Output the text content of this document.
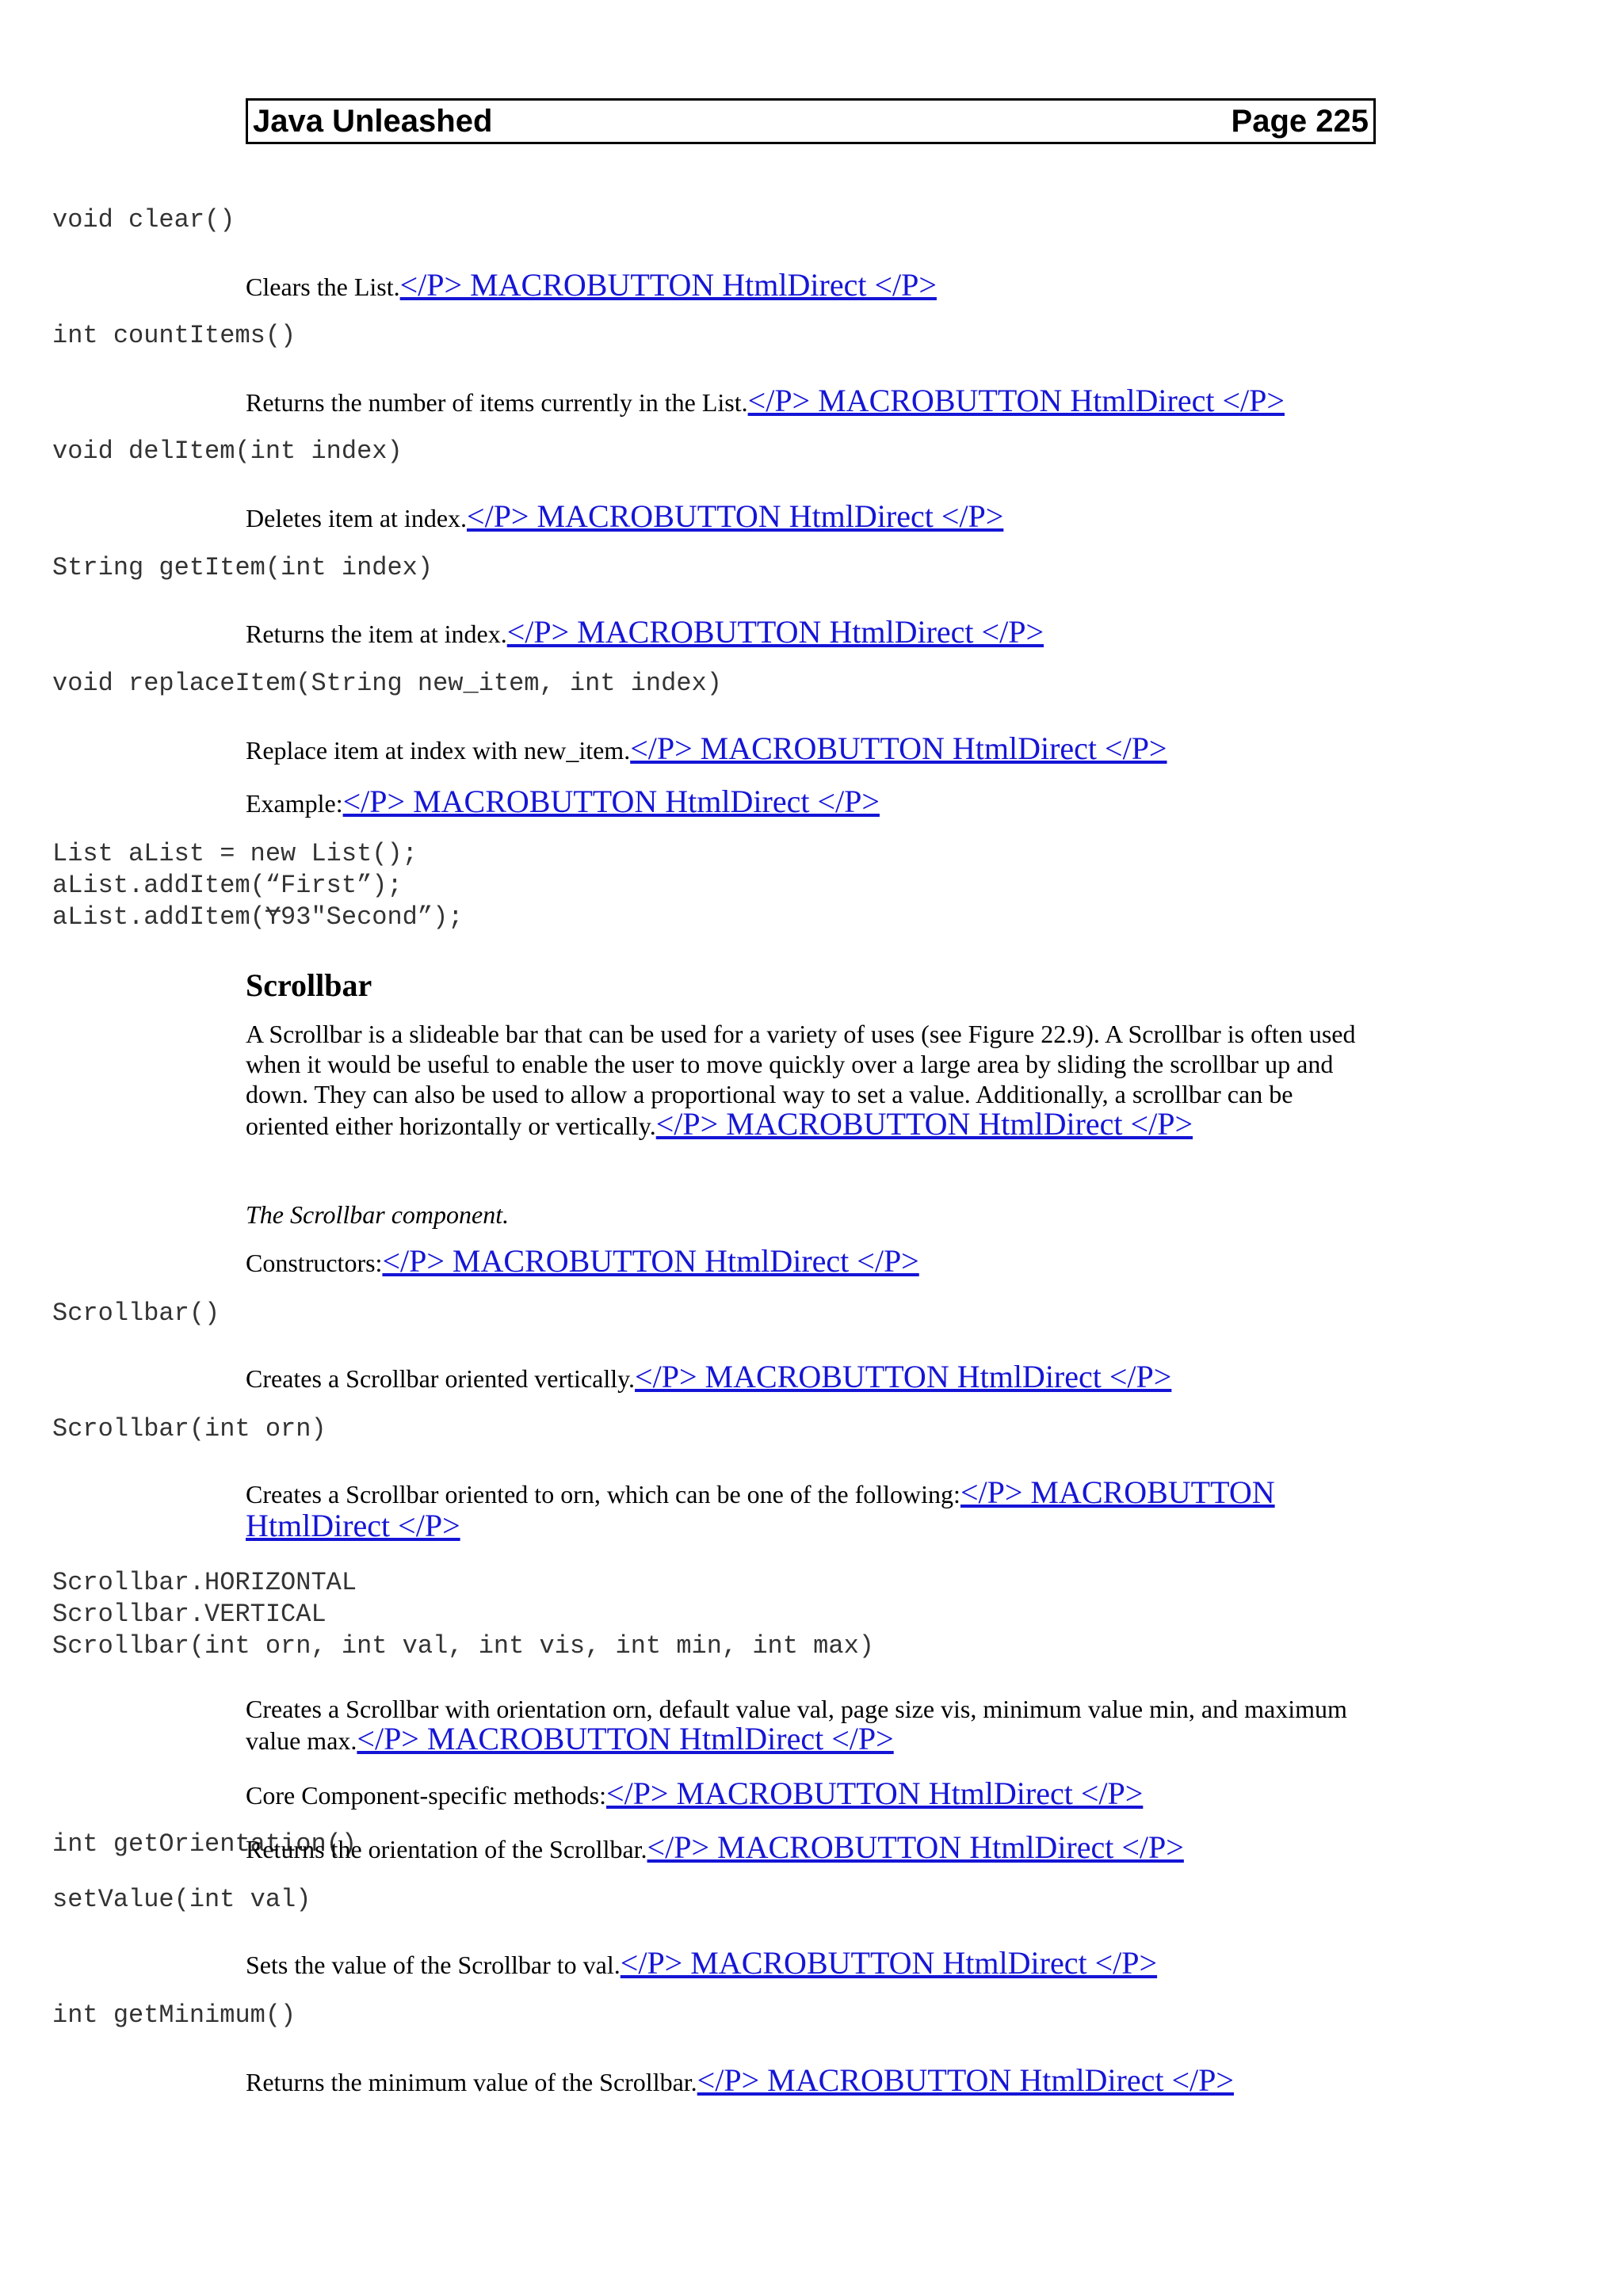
Java Unleashed	Page 225
void clear()
Clears the List.</P> MACROBUTTON HtmlDirect </P>
int countItems()
Returns the number of items currently in the List.</P> MACROBUTTON HtmlDirect </P>
void delItem(int index)
Deletes item at index.</P> MACROBUTTON HtmlDirect </P>
String getItem(int index)
Returns the item at index.</P> MACROBUTTON HtmlDirect </P>
void replaceItem(String new_item, int index)
Replace item at index with new_item.</P> MACROBUTTON HtmlDirect </P>
Example:</P> MACROBUTTON HtmlDirect </P>
List aList = new List();
aList.addItem(“First”);
aList.addItem(Ɏ93"Second”);
Scrollbar
A Scrollbar is a slideable bar that can be used for a variety of uses (see Figure 22.9). A Scrollbar is often used when it would be useful to enable the user to move quickly over a large area by sliding the scrollbar up and down. They can also be used to allow a proportional way to set a value. Additionally, a scrollbar can be oriented either horizontally or vertically.</P> MACROBUTTON HtmlDirect </P>
The Scrollbar component.
Constructors:</P> MACROBUTTON HtmlDirect </P>
Scrollbar()
Creates a Scrollbar oriented vertically.</P> MACROBUTTON HtmlDirect </P>
Scrollbar(int orn)
Creates a Scrollbar oriented to orn, which can be one of the following:</P> MACROBUTTON HtmlDirect </P>
Scrollbar.HORIZONTAL
Scrollbar.VERTICAL
Scrollbar(int orn, int val, int vis, int min, int max)
Creates a Scrollbar with orientation orn, default value val, page size vis, minimum value min, and maximum value max.</P> MACROBUTTON HtmlDirect </P>
Core Component-specific methods:</P> MACROBUTTON HtmlDirect </P>
int getOrientation()
Returns the orientation of the Scrollbar.</P> MACROBUTTON HtmlDirect </P>
setValue(int val)
Sets the value of the Scrollbar to val.</P> MACROBUTTON HtmlDirect </P>
int getMinimum()
Returns the minimum value of the Scrollbar.</P> MACROBUTTON HtmlDirect </P>
